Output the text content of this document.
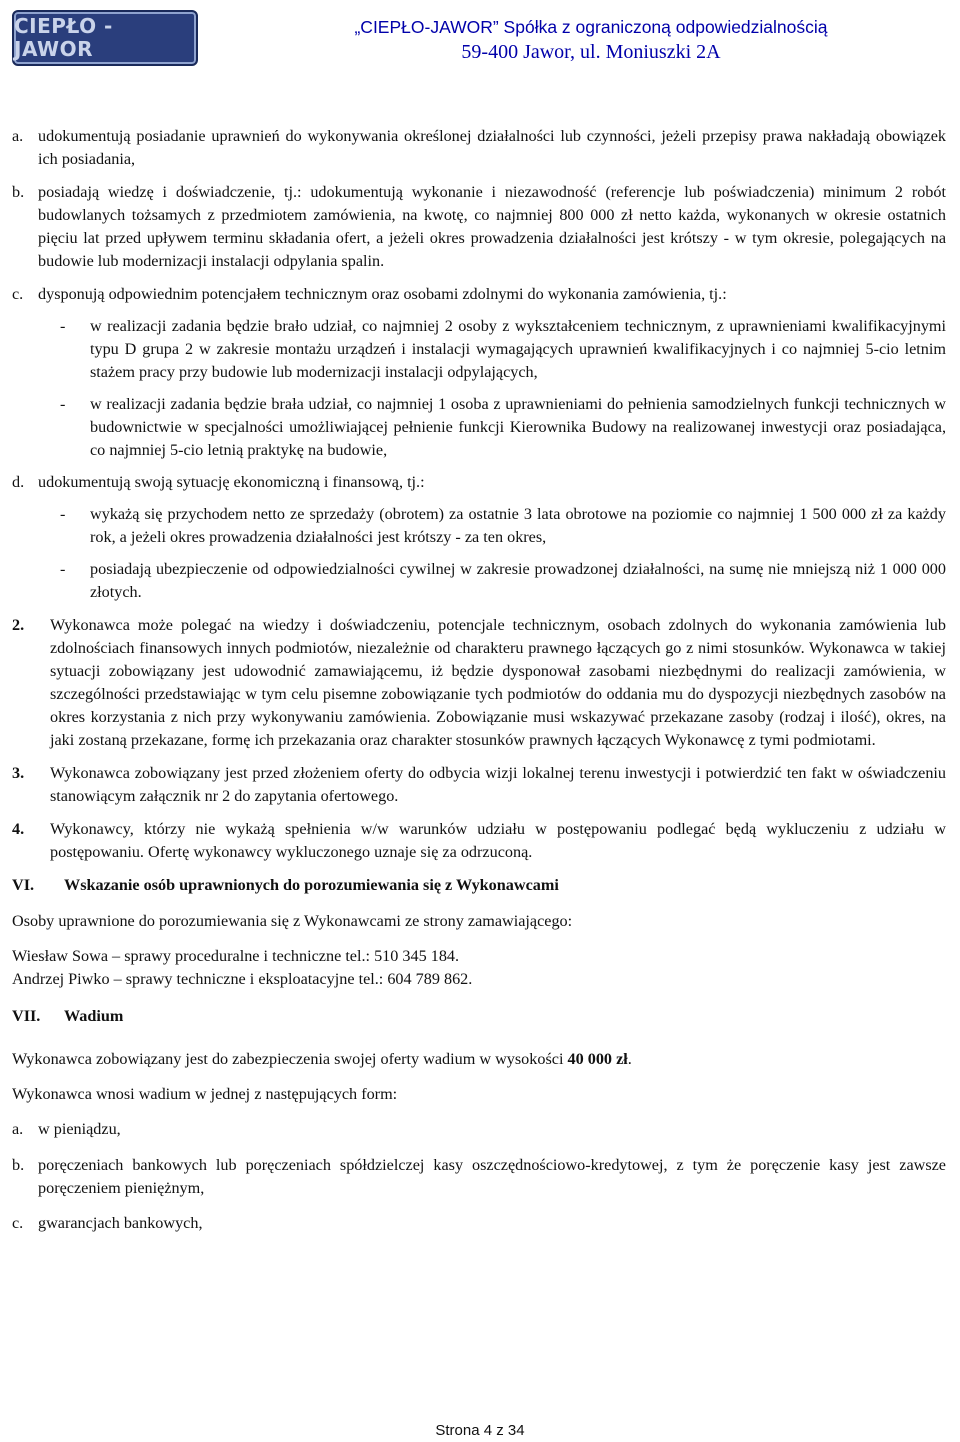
CIEPŁO - JAWOR
„CIEPŁO-JAWOR” Spółka z ograniczoną odpowiedzialnością
59-400 Jawor, ul. Moniuszki 2A
a. udokumentują posiadanie uprawnień do wykonywania określonej działalności lub czynności, jeżeli przepisy prawa nakładają obowiązek ich posiadania,
b. posiadają wiedzę i doświadczenie, tj.: udokumentują wykonanie i niezawodność (referencje lub poświadczenia) minimum 2 robót budowlanych tożsamych z przedmiotem zamówienia, na kwotę, co najmniej 800 000 zł netto każda, wykonanych w okresie ostatnich pięciu lat przed upływem terminu składania ofert, a jeżeli okres prowadzenia działalności jest krótszy - w tym okresie, polegających na budowie lub modernizacji instalacji odpylania spalin.
c. dysponują odpowiednim potencjałem technicznym oraz osobami zdolnymi do wykonania zamówienia, tj.:
- w realizacji zadania będzie brało udział, co najmniej 2 osoby z wykształceniem technicznym, z uprawnieniami kwalifikacyjnymi typu D grupa 2 w zakresie montażu urządzeń i instalacji wymagających uprawnień kwalifikacyjnych i co najmniej 5-cio letnim stażem pracy przy budowie lub modernizacji instalacji odpylających,
- w realizacji zadania będzie brała udział, co najmniej 1 osoba z uprawnieniami do pełnienia samodzielnych funkcji technicznych w budownictwie w specjalności umożliwiającej pełnienie funkcji Kierownika Budowy na realizowanej inwestycji oraz posiadająca, co najmniej 5-cio letnią praktykę na budowie,
d. udokumentują swoją sytuację ekonomiczną i finansową, tj.:
- wykażą się przychodem netto ze sprzedaży (obrotem) za ostatnie 3 lata obrotowe na poziomie co najmniej 1 500 000 zł za każdy rok, a jeżeli okres prowadzenia działalności jest krótszy - za ten okres,
- posiadają ubezpieczenie od odpowiedzialności cywilnej w zakresie prowadzonej działalności, na sumę nie mniejszą niż 1 000 000 złotych.
2. Wykonawca może polegać na wiedzy i doświadczeniu, potencjale technicznym, osobach zdolnych do wykonania zamówienia lub zdolnościach finansowych innych podmiotów, niezależnie od charakteru prawnego łączących go z nimi stosunków. Wykonawca w takiej sytuacji zobowiązany jest udowodnić zamawiającemu, iż będzie dysponował zasobami niezbędnymi do realizacji zamówienia, w szczególności przedstawiając w tym celu pisemne zobowiązanie tych podmiotów do oddania mu do dyspozycji niezbędnych zasobów na okres korzystania z nich przy wykonywaniu zamówienia. Zobowiązanie musi wskazywać przekazane zasoby (rodzaj i ilość), okres, na jaki zostaną przekazane, formę ich przekazania oraz charakter stosunków prawnych łączących Wykonawcę z tymi podmiotami.
3. Wykonawca zobowiązany jest przed złożeniem oferty do odbycia wizji lokalnej terenu inwestycji i potwierdzić ten fakt w oświadczeniu stanowiącym załącznik nr 2 do zapytania ofertowego.
4. Wykonawcy, którzy nie wykażą spełnienia w/w warunków udziału w postępowaniu podlegać będą wykluczeniu z udziału w postępowaniu. Ofertę wykonawcy wykluczonego uznaje się za odrzuconą.
VI. Wskazanie osób uprawnionych do porozumiewania się z Wykonawcami

Osoby uprawnione do porozumiewania się z Wykonawcami ze strony zamawiającego:

Wiesław Sowa – sprawy proceduralne i techniczne tel.: 510 345 184.

Andrzej Piwko – sprawy techniczne i eksploatacyjne tel.: 604 789 862.

VII. Wadium

Wykonawca zobowiązany jest do zabezpieczenia swojej oferty wadium w wysokości 40 000 zł.

Wykonawca wnosi wadium w jednej z następujących form:

a. w pieniądzu,
b. poręczeniach bankowych lub poręczeniach spółdzielczej kasy oszczędnościowo-kredytowej, z tym że poręczenie kasy jest zawsze poręczeniem pieniężnym,
c. gwarancjach bankowych,
Strona 4 z 34
